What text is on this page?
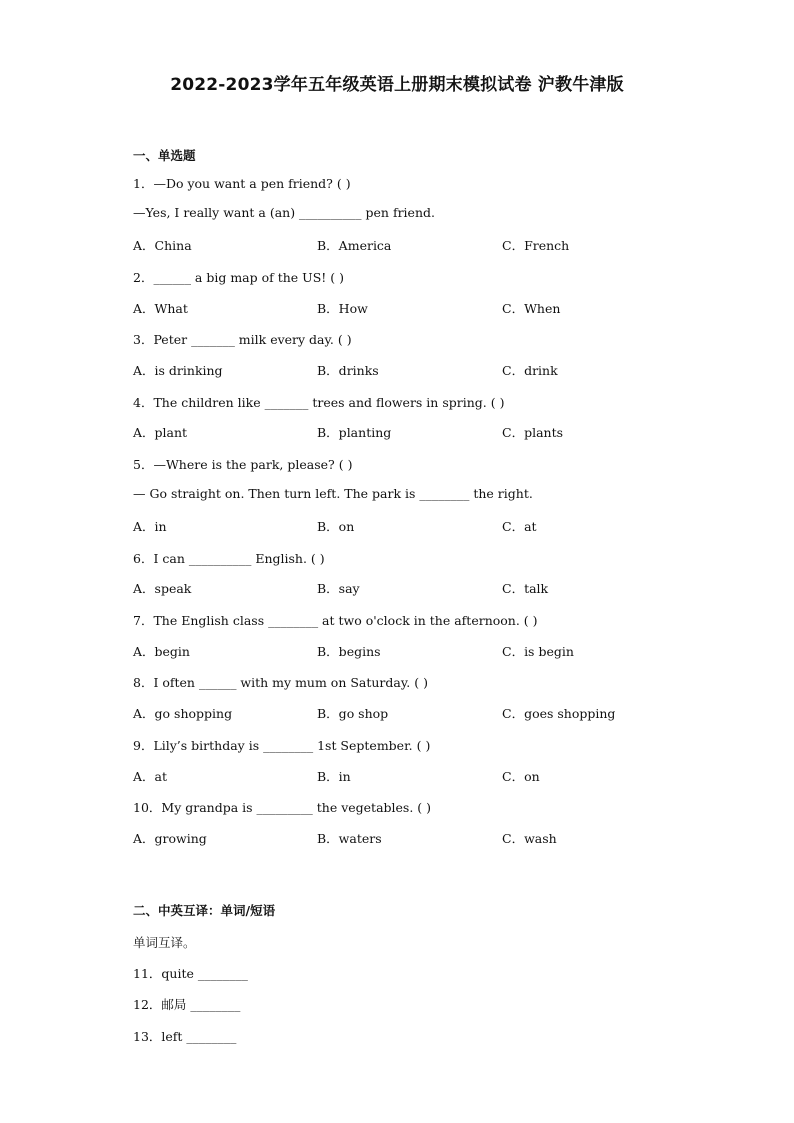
2022-2023学年五年级英语上册期末模拟试卷 沪教牛津版
一、单选题
1．—Do you want a pen friend? ( )
—Yes, I really want a (an) __________ pen friend.
A．China	B．America	C．French
2．______ a big map of the US! ( )
A．What	B．How	C．When
3．Peter _______ milk every day. ( )
A．is drinking	B．drinks	C．drink
4．The children like _______ trees and flowers in spring. ( )
A．plant	B．planting	C．plants
5．—Where is the park, please? ( )
— Go straight on. Then turn left. The park is ________ the right.
A．in	B．on	C．at
6．I can __________ English. ( )
A．speak	B．say	C．talk
7．The English class ________ at two o'clock in the afternoon. ( )
A．begin	B．begins	C．is begin
8．I often ______ with my mum on Saturday. ( )
A．go shopping	B．go shop	C．goes shopping
9．Lily’s birthday is ________ 1st September. ( )
A．at	B．in	C．on
10．My grandpa is _________ the vegetables. ( )
A．growing	B．waters	C．wash
二、中英互译：单词/短语
单词互译。
11．quite ________
12．邮局 ________
13．left ________
